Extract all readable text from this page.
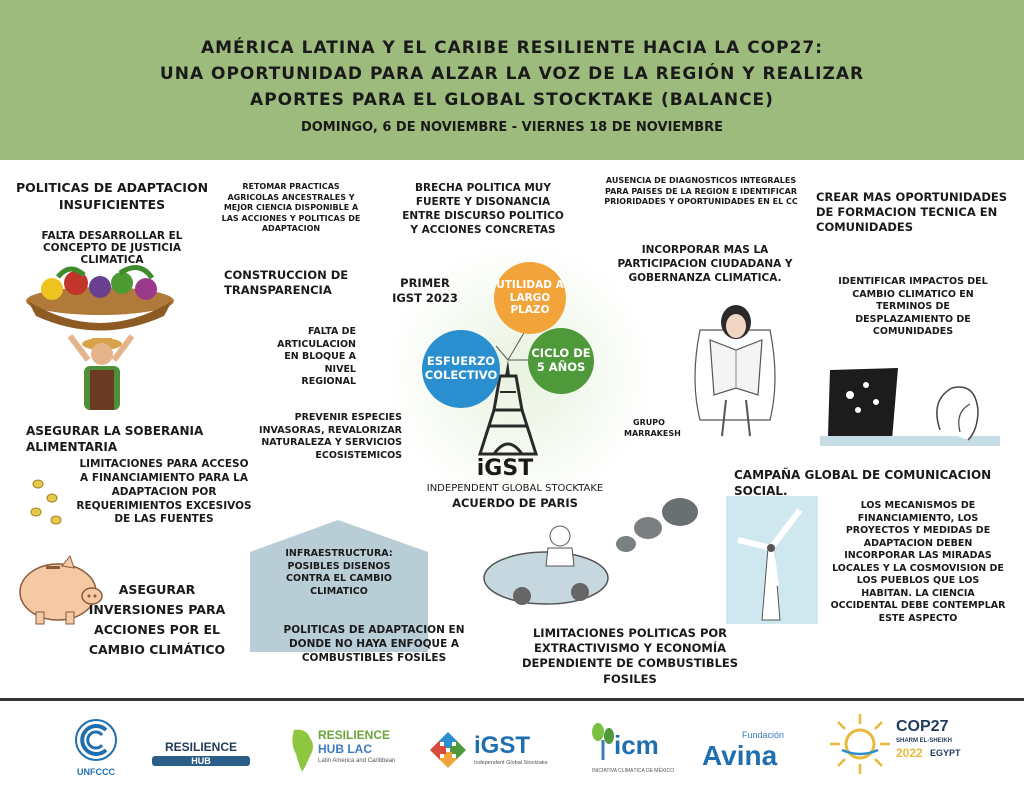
AMÉRICA LATINA Y EL CARIBE RESILIENTE HACIA LA COP27:
UNA OPORTUNIDAD PARA ALZAR LA VOZ DE LA REGIÓN Y REALIZAR
APORTES PARA EL GLOBAL STOCKTAKE (BALANCE)
DOMINGO, 6 DE NOVIEMBRE - VIERNES 18 DE NOVIEMBRE
UTILIDAD A LARGO PLAZO
ESFUERZO COLECTIVO
CICLO DE 5 AÑOS
PRIMER IGST 2023
iGST
INDEPENDENT GLOBAL STOCKTAKE
ACUERDO DE PARIS
POLITICAS DE ADAPTACION INSUFICIENTES
FALTA DESARROLLAR EL CONCEPTO DE JUSTICIA CLIMATICA
ASEGURAR LA SOBERANIA ALIMENTARIA
LIMITACIONES PARA ACCESO A FINANCIAMIENTO PARA LA ADAPTACION POR REQUERIMIENTOS EXCESIVOS DE LAS FUENTES
ASEGURAR INVERSIONES PARA ACCIONES POR EL CAMBIO CLIMÁTICO
RETOMAR PRACTICAS AGRICOLAS ANCESTRALES Y MEJOR CIENCIA DISPONIBLE A LAS ACCIONES Y POLITICAS DE ADAPTACION
CONSTRUCCION DE TRANSPARENCIA
FALTA DE ARTICULACION EN BLOQUE A NIVEL REGIONAL
PREVENIR ESPECIES INVASORAS, REVALORIZAR NATURALEZA Y SERVICIOS ECOSISTEMICOS
INFRAESTRUCTURA: POSIBLES DISENOS CONTRA EL CAMBIO CLIMATICO
POLITICAS DE ADAPTACION EN DONDE NO HAYA ENFOQUE A COMBUSTIBLES FOSILES
BRECHA POLITICA MUY FUERTE Y DISONANCIA ENTRE DISCURSO POLITICO Y ACCIONES CONCRETAS
LIMITACIONES POLITICAS POR EXTRACTIVISMO Y ECONOMÍA DEPENDIENTE DE COMBUSTIBLES FOSILES
AUSENCIA DE DIAGNOSTICOS INTEGRALES PARA PAISES DE LA REGION E IDENTIFICAR PRIORIDADES Y OPORTUNIDADES EN EL CC
INCORPORAR MAS LA PARTICIPACION CIUDADANA Y GOBERNANZA CLIMATICA.
GRUPO MARRAKESH
CAMPAÑA GLOBAL DE COMUNICACION SOCIAL.
CREAR MAS OPORTUNIDADES DE FORMACION TECNICA EN COMUNIDADES
IDENTIFICAR IMPACTOS DEL CAMBIO CLIMATICO EN TERMINOS DE DESPLAZAMIENTO DE COMUNIDADES
LOS MECANISMOS DE FINANCIAMIENTO, LOS PROYECTOS Y MEDIDAS DE ADAPTACION DEBEN INCORPORAR LAS MIRADAS LOCALES Y LA COSMOVISION DE LOS PUEBLOS QUE LOS HABITAN. LA CIENCIA OCCIDENTAL DEBE CONTEMPLAR ESTE ASPECTO
UNFCCC
RESILIENCE
HUB
RESILIENCE
HUB LAC
Latin America and Caribbean
iGST
Independent Global Stocktake
icm
INICIATIVA CLIMÁTICA DE MÉXICO
Fundación
Avina
COP27
SHARM EL-SHEIKH
2022 EGYPT
